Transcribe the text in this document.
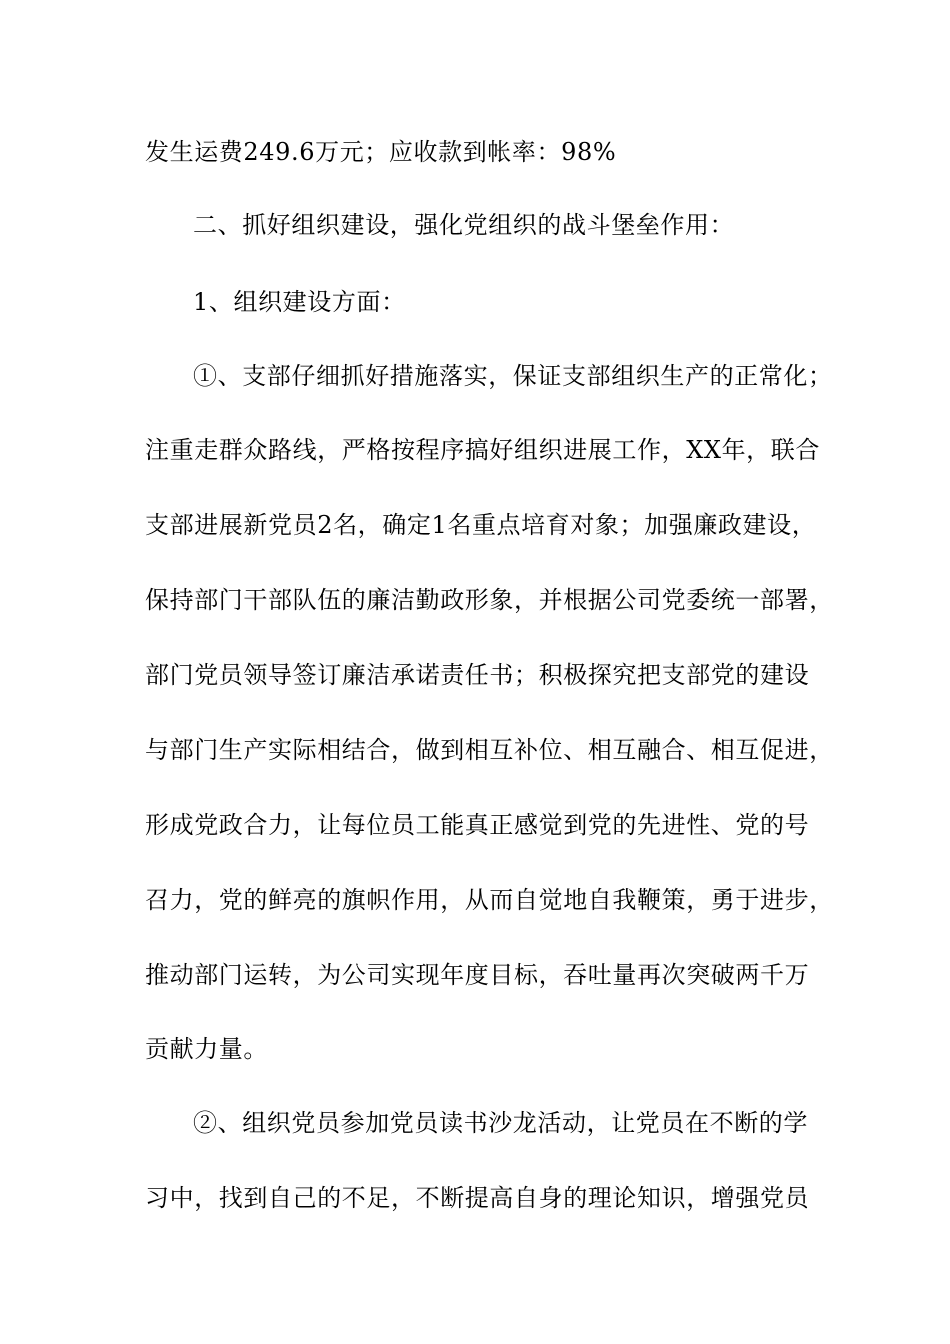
发生运费249.6万元；应收款到帐率：98%
二、抓好组织建设，强化党组织的战斗堡垒作用：
1、组织建设方面：
①、支部仔细抓好措施落实，保证支部组织生产的正常化；
注重走群众路线，严格按程序搞好组织进展工作，XX年，联合
支部进展新党员2名，确定1名重点培育对象；加强廉政建设，
保持部门干部队伍的廉洁勤政形象，并根据公司党委统一部署，
部门党员领导签订廉洁承诺责任书；积极探究把支部党的建设
与部门生产实际相结合，做到相互补位、相互融合、相互促进，
形成党政合力，让每位员工能真正感觉到党的先进性、党的号
召力，党的鲜亮的旗帜作用，从而自觉地自我鞭策，勇于进步，
推动部门运转，为公司实现年度目标，吞吐量再次突破两千万
贡献力量。
②、组织党员参加党员读书沙龙活动，让党员在不断的学
习中，找到自己的不足，不断提高自身的理论知识，增强党员
